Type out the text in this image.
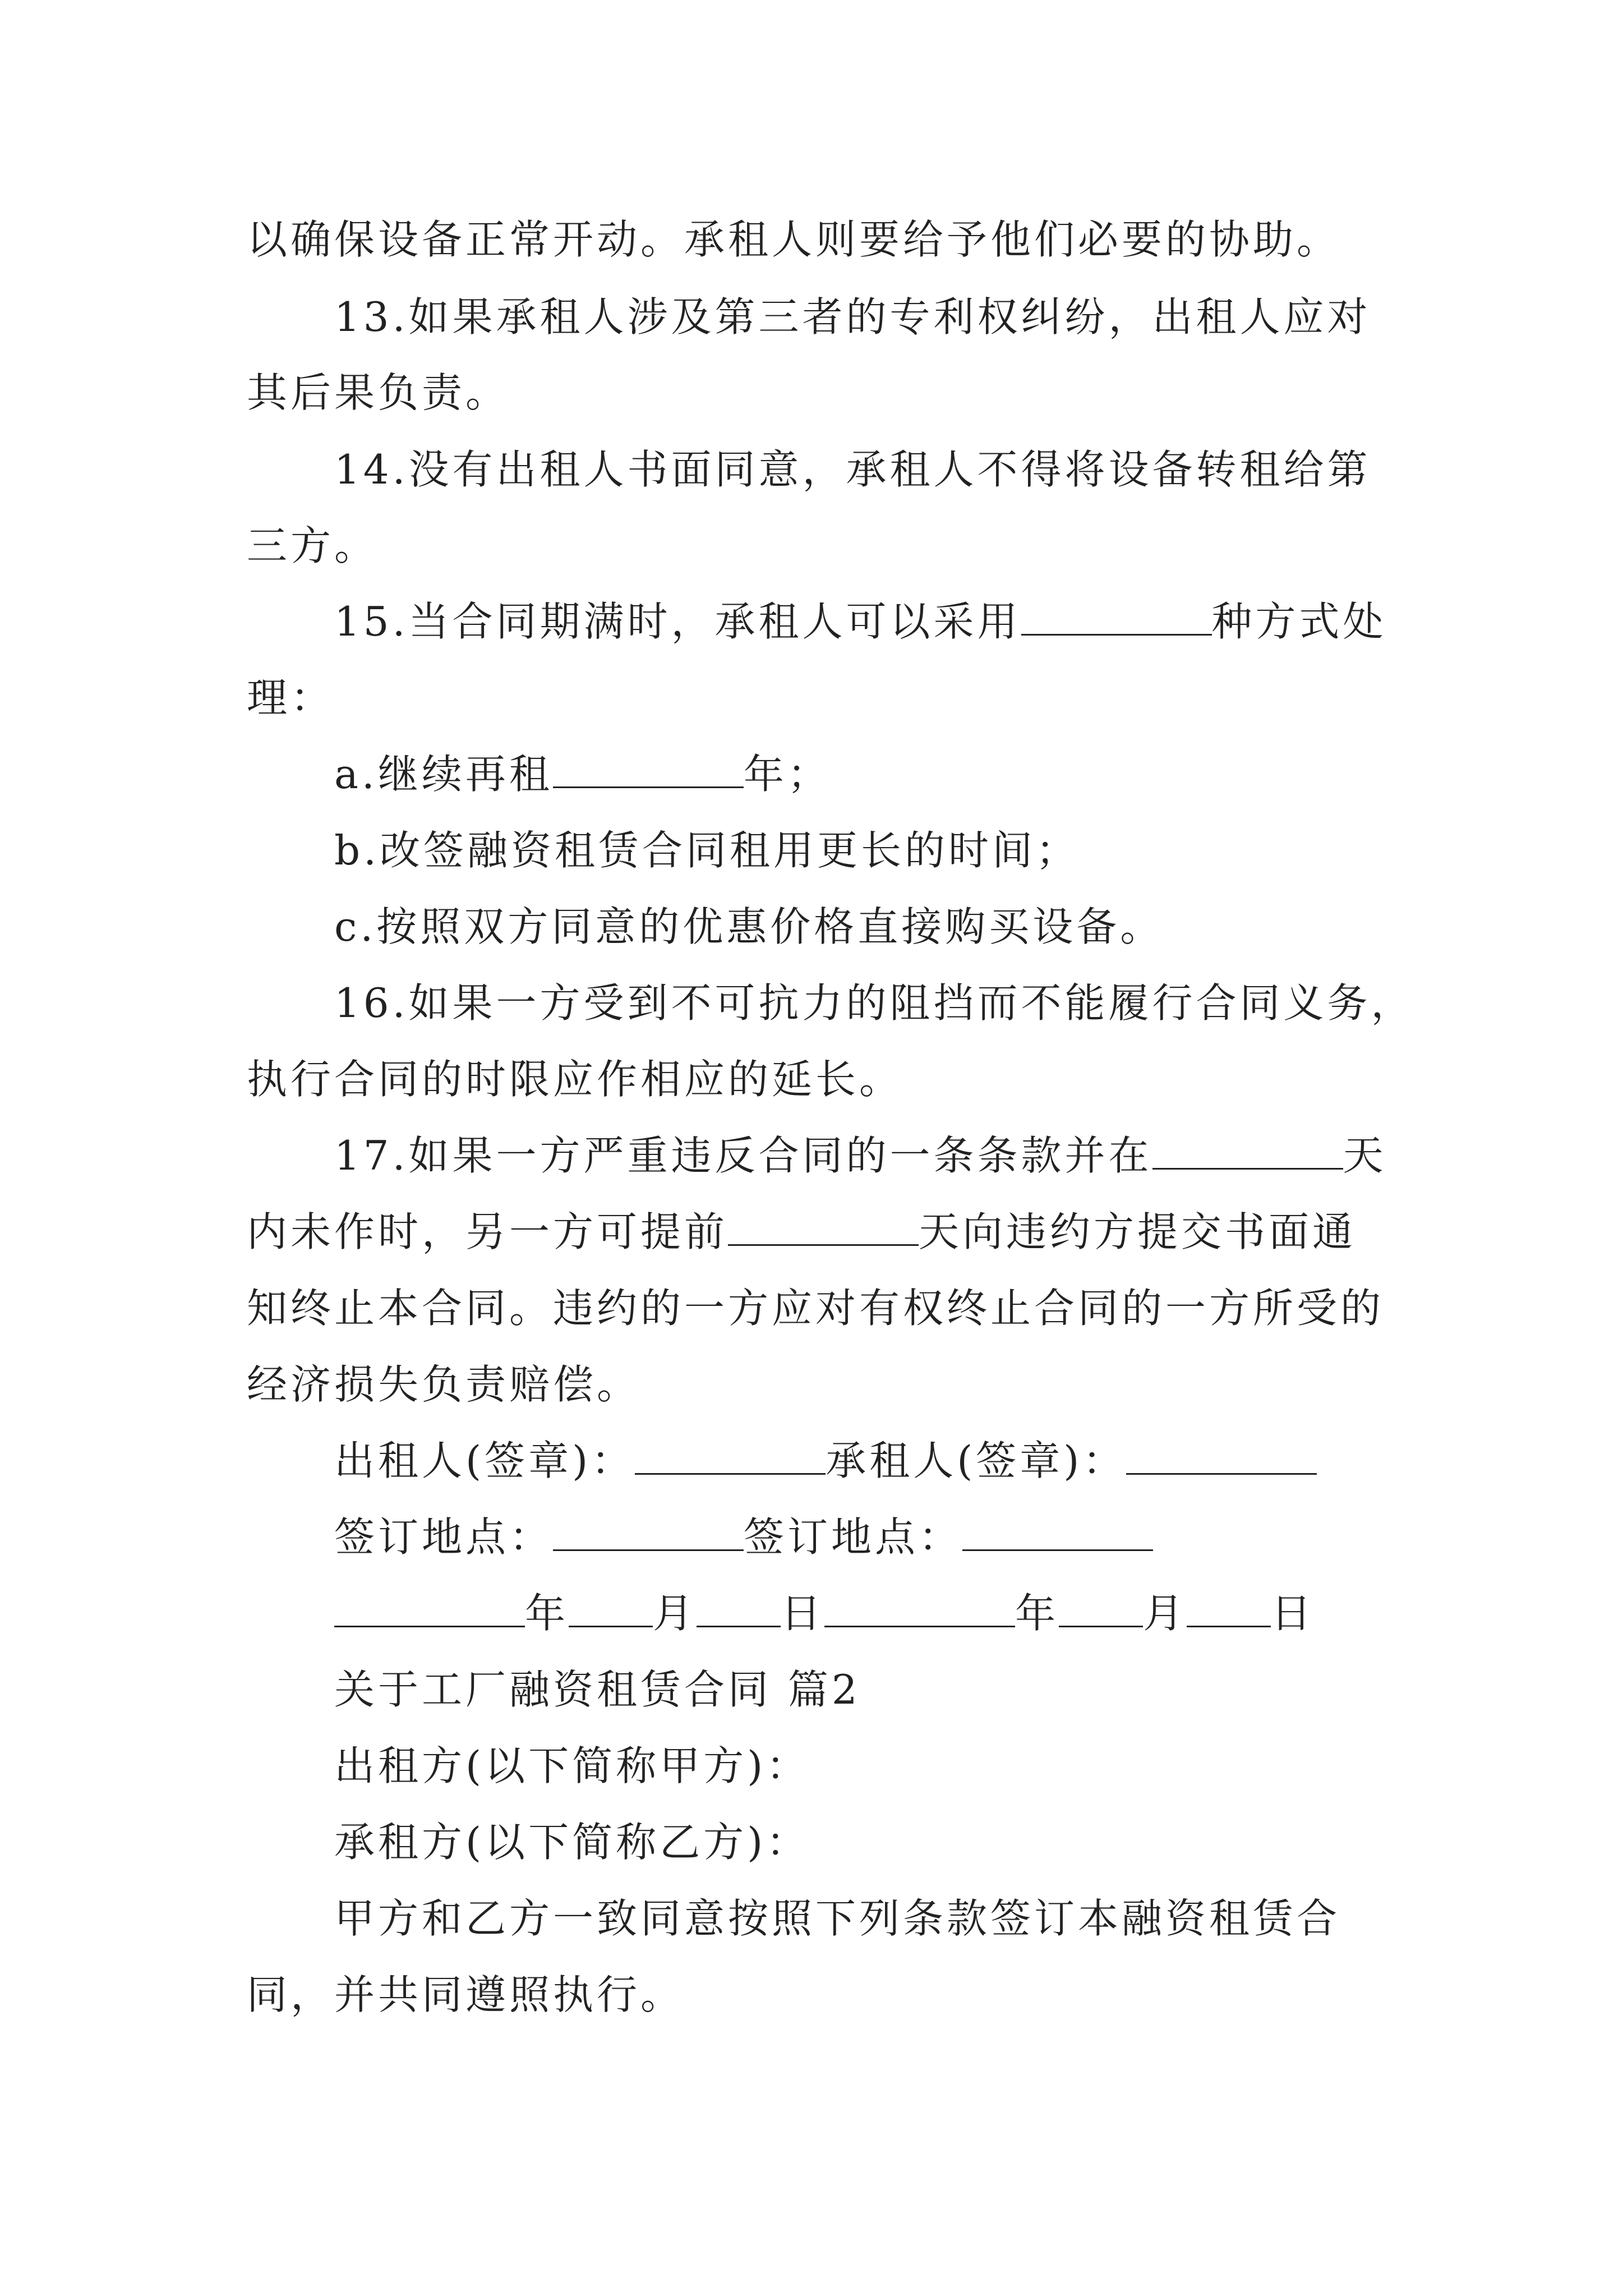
以确保设备正常开动。承租人则要给予他们必要的协助。
13.如果承租人涉及第三者的专利权纠纷，出租人应对
其后果负责。
14.没有出租人书面同意，承租人不得将设备转租给第
三方。
15.当合同期满时，承租人可以采用	种方式处
理：
a.继续再租	年；
b.改签融资租赁合同租用更长的时间；
c.按照双方同意的优惠价格直接购买设备。
16.如果一方受到不可抗力的阻挡而不能履行合同义务，
执行合同的时限应作相应的延长。
17.如果一方严重违反合同的一条条款并在	天
内未作时，另一方可提前	天向违约方提交书面通
知终止本合同。违约的一方应对有权终止合同的一方所受的
经济损失负责赔偿。
出租人(签章)：	承租人(签章)：
签订地点：	签订地点：
年 月 日	年 月 日
关于工厂融资租赁合同 篇2
出租方(以下简称甲方)：
承租方(以下简称乙方)：
甲方和乙方一致同意按照下列条款签订本融资租赁合
同，并共同遵照执行。
